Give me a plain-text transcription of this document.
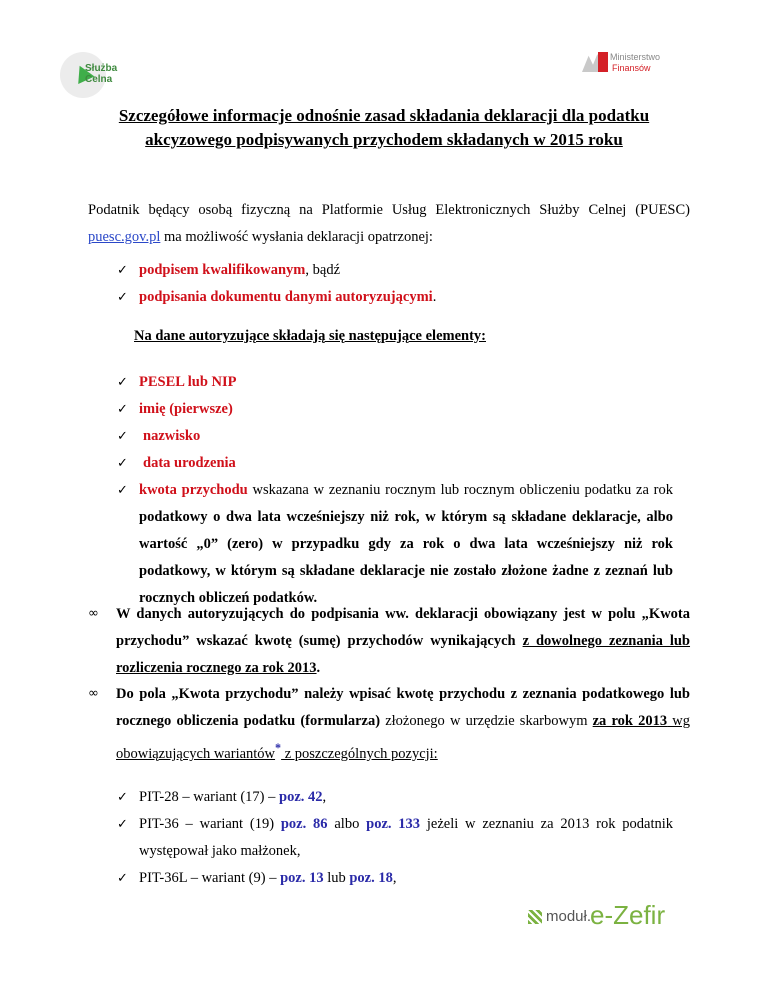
Służba
Celna
Ministerstwo
Finansów
Szczegółowe informacje odnośnie zasad składania deklaracji dla podatku
akcyzowego podpisywanych przychodem składanych w 2015 roku
Podatnik będący osobą fizyczną na Platformie Usług Elektronicznych Służby Celnej (PUESC) puesc.gov.pl ma możliwość wysłania deklaracji opatrzonej:
✓ podpisem kwalifikowanym, bądź
✓ podpisania dokumentu danymi autoryzującymi.
Na dane autoryzujące składają się następujące elementy:
✓ PESEL lub NIP
✓ imię (pierwsze)
✓ nazwisko
✓ data urodzenia
✓ kwota przychodu wskazana w zeznaniu rocznym lub rocznym obliczeniu podatku za rok podatkowy o dwa lata wcześniejszy niż rok, w którym są składane deklaracje, albo wartość „0” (zero) w przypadku gdy za rok o dwa lata wcześniejszy niż rok podatkowy, w którym są składane deklaracje nie zostało złożone żadne z zeznań lub rocznych obliczeń podatków.
∞ W danych autoryzujących do podpisania ww. deklaracji obowiązany jest w polu „Kwota przychodu” wskazać kwotę (sumę) przychodów wynikających z dowolnego zeznania lub rozliczenia rocznego za rok 2013.
∞ Do pola „Kwota przychodu” należy wpisać kwotę przychodu z zeznania podatkowego lub rocznego obliczenia podatku (formularza) złożonego w urzędzie skarbowym za rok 2013 wg obowiązujących wariantów* z poszczególnych pozycji:
✓ PIT-28 – wariant (17) – poz. 42,
✓ PIT-36 – wariant (19) poz. 86 albo poz. 133 jeżeli w zeznaniu za 2013 rok podatnik występował jako małżonek,
✓ PIT-36L – wariant (9) – poz. 13 lub poz. 18,
moduł.
e-Zefir
